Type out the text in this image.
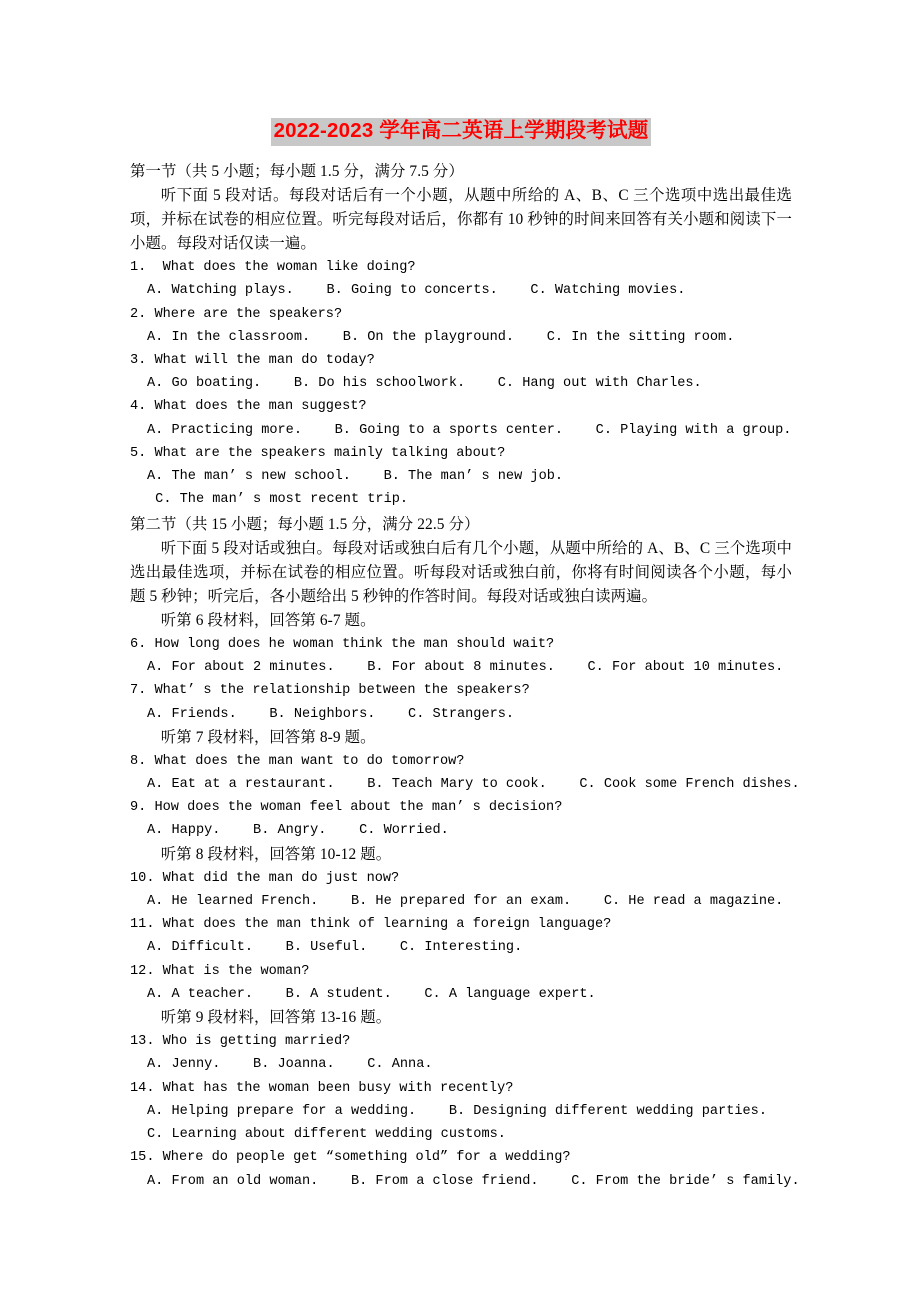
2022-2023 学年高二英语上学期段考试题

第一节（共 5 小题；每小题 1.5 分，满分 7.5 分）

听下面 5 段对话。每段对话后有一个小题，从题中所给的 A、B、C 三个选项中选出最佳选项，并标在试卷的相应位置。听完每段对话后，你都有 10 秒钟的时间来回答有关小题和阅读下一小题。每段对话仅读一遍。

1.  What does the woman like doing?

A. Watching plays.    B. Going to concerts.    C. Watching movies.

2. Where are the speakers?

A. In the classroom.    B. On the playground.    C. In the sitting room.

3. What will the man do today?

A. Go boating.    B. Do his schoolwork.    C. Hang out with Charles.

4. What does the man suggest?

A. Practicing more.    B. Going to a sports center.    C. Playing with a group.

5. What are the speakers mainly talking about?

A. The man’ s new school.    B. The man’ s new job.

C. The man’ s most recent trip.

第二节（共 15 小题；每小题 1.5 分，满分 22.5 分）

听下面 5 段对话或独白。每段对话或独白后有几个小题，从题中所给的 A、B、C 三个选项中选出最佳选项，并标在试卷的相应位置。听每段对话或独白前，你将有时间阅读各个小题，每小题 5 秒钟；听完后，各小题给出 5 秒钟的作答时间。每段对话或独白读两遍。

听第 6 段材料，回答第 6-7 题。

6. How long does he woman think the man should wait?

A. For about 2 minutes.    B. For about 8 minutes.    C. For about 10 minutes.

7. What’ s the relationship between the speakers?

A. Friends.    B. Neighbors.    C. Strangers.

听第 7 段材料，回答第 8-9 题。

8. What does the man want to do tomorrow?

A. Eat at a restaurant.    B. Teach Mary to cook.    C. Cook some French dishes.

9. How does the woman feel about the man’ s decision?

A. Happy.    B. Angry.    C. Worried.

听第 8 段材料，回答第 10-12 题。

10. What did the man do just now?

A. He learned French.    B. He prepared for an exam.    C. He read a magazine.

11. What does the man think of learning a foreign language?

A. Difficult.    B. Useful.    C. Interesting.

12. What is the woman?

A. A teacher.    B. A student.    C. A language expert.

听第 9 段材料，回答第 13-16 题。

13. Who is getting married?

A. Jenny.    B. Joanna.    C. Anna.

14. What has the woman been busy with recently?

A. Helping prepare for a wedding.    B. Designing different wedding parties.

C. Learning about different wedding customs.

15. Where do people get “something old” for a wedding?

A. From an old woman.    B. From a close friend.    C. From the bride’ s family.
